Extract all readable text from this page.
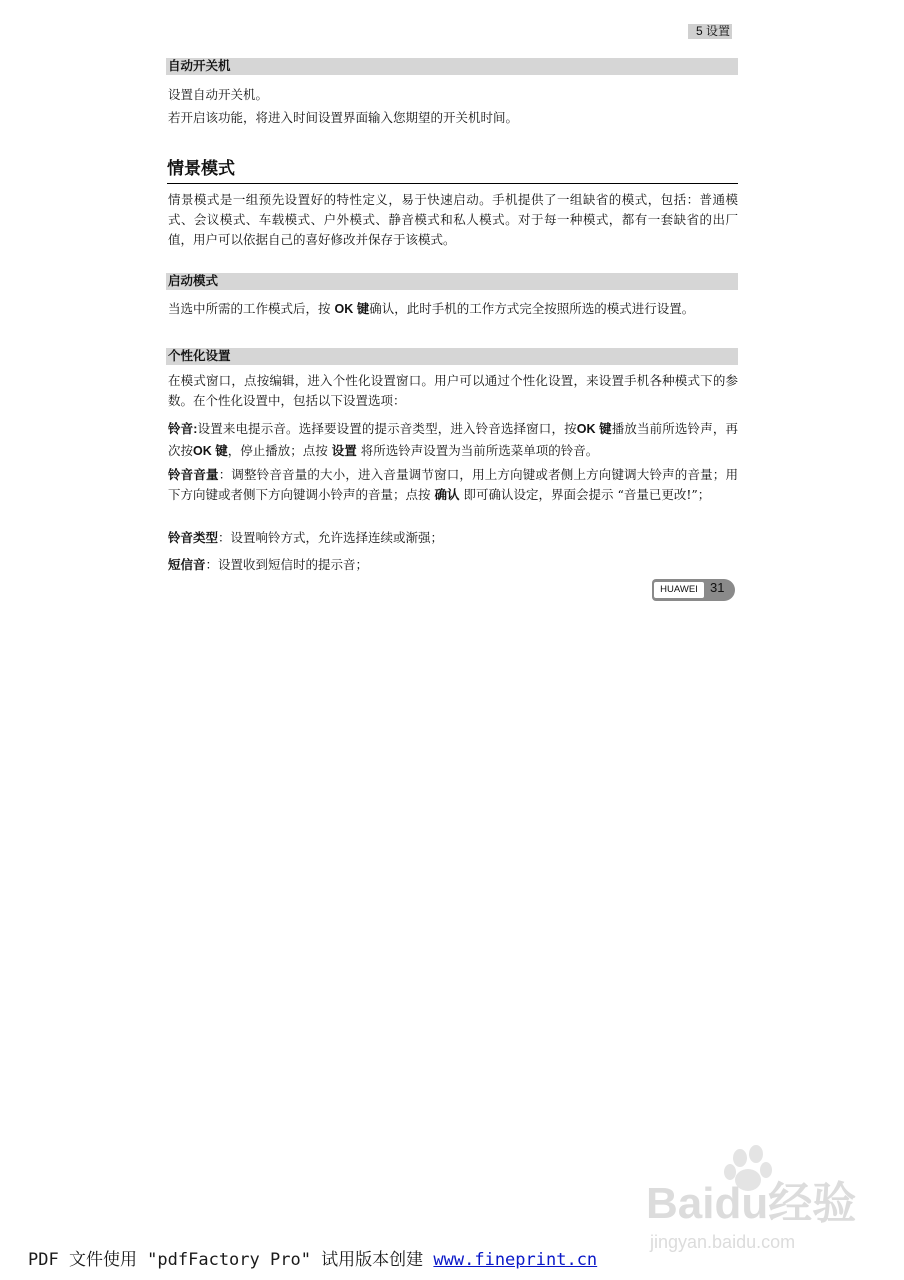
5 设置
自动开关机

设置自动开关机。

若开启该功能，将进入时间设置界面输入您期望的开关机时间。

情景模式

情景模式是一组预先设置好的特性定义，易于快速启动。手机提供了一组缺省的模式，包括：普通模式、会议模式、车载模式、户外模式、静音模式和私人模式。对于每一种模式，都有一套缺省的出厂值，用户可以依据自己的喜好修改并保存于该模式。

启动模式

当选中所需的工作模式后，按 OK 键确认，此时手机的工作方式完全按照所选的模式进行设置。

个性化设置

在模式窗口，点按编辑，进入个性化设置窗口。用户可以通过个性化设置，来设置手机各种模式下的参数。在个性化设置中，包括以下设置选项：

铃音:设置来电提示音。选择要设置的提示音类型，进入铃音选择窗口，按OK 键播放当前所选铃声，再次按OK 键，停止播放；点按 设置 将所选铃声设置为当前所选菜单项的铃音。

铃音音量：调整铃音音量的大小，进入音量调节窗口，用上方向键或者侧上方向键调大铃声的音量；用下方向键或者侧下方向键调小铃声的音量；点按 确认 即可确认设定，界面会提示 “音量已更改!”；

铃音类型：设置响铃方式，允许选择连续或渐强；

短信音：设置收到短信时的提示音；

HUAWEI 31
Baidu经验
jingyan.baidu.com
PDF 文件使用 "pdfFactory Pro" 试用版本创建 www.fineprint.cn
